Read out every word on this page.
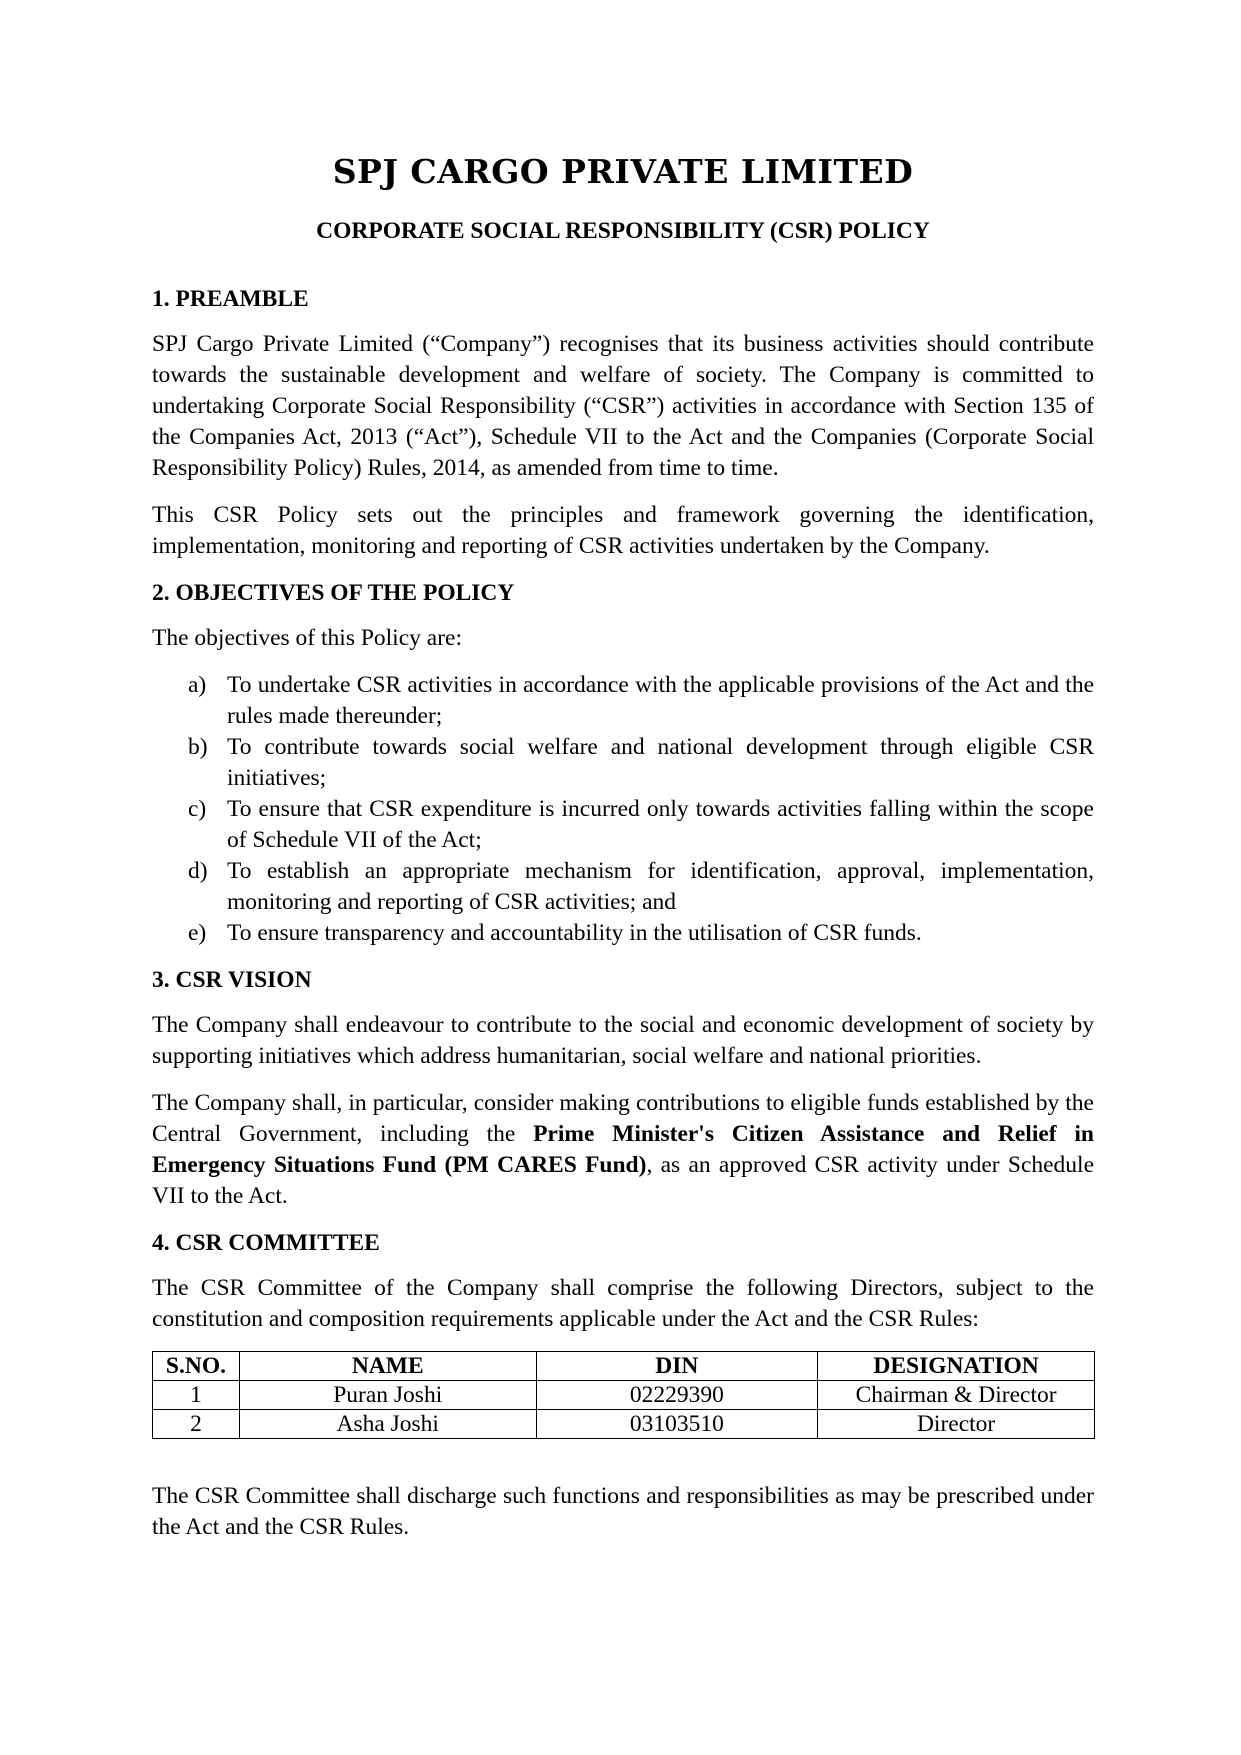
SPJ CARGO PRIVATE LIMITED
CORPORATE SOCIAL RESPONSIBILITY (CSR) POLICY
1. PREAMBLE

SPJ Cargo Private Limited (“Company”) recognises that its business activities should contribute towards the sustainable development and welfare of society. The Company is committed to undertaking Corporate Social Responsibility (“CSR”) activities in accordance with Section 135 of the Companies Act, 2013 (“Act”), Schedule VII to the Act and the Companies (Corporate Social Responsibility Policy) Rules, 2014, as amended from time to time.

This CSR Policy sets out the principles and framework governing the identification, implementation, monitoring and reporting of CSR activities undertaken by the Company.

2. OBJECTIVES OF THE POLICY

The objectives of this Policy are:

a) To undertake CSR activities in accordance with the applicable provisions of the Act and the rules made thereunder;
b) To contribute towards social welfare and national development through eligible CSR initiatives;
c) To ensure that CSR expenditure is incurred only towards activities falling within the scope of Schedule VII of the Act;
d) To establish an appropriate mechanism for identification, approval, implementation, monitoring and reporting of CSR activities; and
e) To ensure transparency and accountability in the utilisation of CSR funds.
3. CSR VISION

The Company shall endeavour to contribute to the social and economic development of society by supporting initiatives which address humanitarian, social welfare and national priorities.

The Company shall, in particular, consider making contributions to eligible funds established by the Central Government, including the Prime Minister's Citizen Assistance and Relief in Emergency Situations Fund (PM CARES Fund), as an approved CSR activity under Schedule VII to the Act.

4. CSR COMMITTEE

The CSR Committee of the Company shall comprise the following Directors, subject to the constitution and composition requirements applicable under the Act and the CSR Rules:

S.NO.	NAME	DIN	DESIGNATION
1	Puran Joshi	02229390	Chairman & Director
2	Asha Joshi	03103510	Director

The CSR Committee shall discharge such functions and responsibilities as may be prescribed under the Act and the CSR Rules.
